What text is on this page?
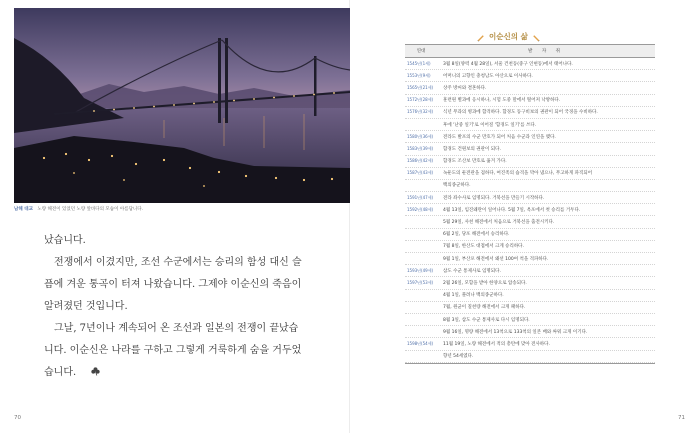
남해 대교 노량 해전이 있었던 노량 앞바다의 모습이 아름답니다.

났습니다.

전쟁에서 이겼지만, 조선 수군에서는 승리의 함성 대신 슬픔에 겨운 통곡이 터져 나왔습니다. 그제야 이순신의 죽음이 알려졌던 것입니다.

그날, 7년이나 계속되어 온 조선과 일본의 전쟁이 끝났습니다. 이순신은 나라를 구하고 그렇게 거룩하게 숨을 거두었습니다.

70
이순신의 삶
연대	발 자 취
1545년(1세)	3월 8일(양력 4월 28일), 서울 건천동(중구 인현동)에서 태어나다.
1553년(9세)	어머니의 고향인 충청남도 아산으로 이사하다.
1565년(21세)	상주 방씨와 결혼하다.
1572년(28세)	훈련원 별과에 응시하나, 시험 도중 말에서 떨어져 낙방하다.
1576년(32세)	식년 무과의 병과에 합격하다. 함경도 동구비보의 권관이 되어 국경을 수비하다.
후에 '난중 일기'로 이어질 '함경도 일기'를 쓰다.
1580년(36세)	전라도 발포의 수군 만호가 되어 처음 수군과 인연을 맺다.
1583년(39세)	함경도 건원보의 권관이 되다.
1586년(42세)	함경도 조산보 만호로 옮겨 가다.
1587년(43세)	녹둔도의 둔전관을 겸하다, 여진족의 습격을 막아 냈으나, 무고하게 파직되어
백의종군하다.
1591년(47세)	전라 좌수사로 임명되다. 거북선을 만들기 시작하다.
1592년(48세)	4월 13일, 임진왜란이 일어나다. 5월 7일, 옥포에서 첫 승리를 거두다.
5월 29일, 사천 해전에서 처음으로 거북선을 출전시키다.
6월 2일, 당포 해전에서 승리하다.
7월 8일, 한산도 대첩에서 크게 승리하다.
9월 1일, 부산포 해전에서 왜선 100여 척을 격파하다.
1593년(49세)	삼도 수군 통제사로 임명되다.
1597년(53세)	2월 26일, 모함을 받아 한양으로 압송되다.
4월 1일, 풀려나 백의종군하다.
7월, 원균이 칠천량 해전에서 크게 패하다.
8월 3일, 삼도 수군 통제사로 다시 임명되다.
9월 16일, 명량 해전에서 13척으로 133척의 일본 배와 싸워 크게 이기다.
1598년(54세)	11월 19일, 노량 해전에서 적의 총탄에 맞아 전사하다.
향년 54세였다.
71
